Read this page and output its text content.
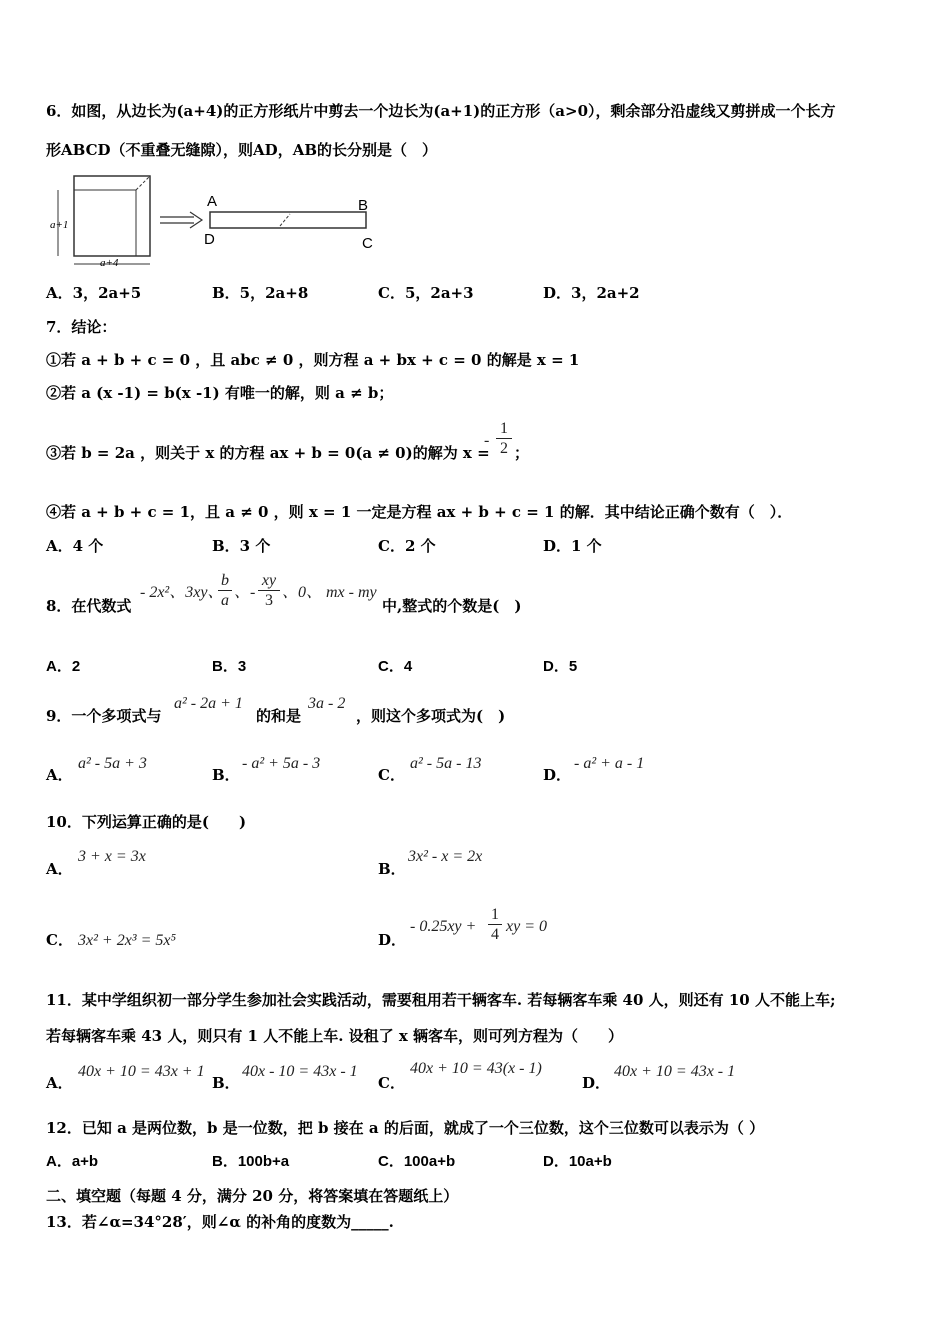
6．如图，从边长为(a+4)的正方形纸片中剪去一个边长为(a+1)的正方形（a>0），剩余部分沿虚线又剪拼成一个长方
形ABCD（不重叠无缝隙），则AD，AB的长分别是（　）
a+1
a+4
A	B
C
D
A．3，2a+5	B．5，2a+8	C．5，2a+3	D．3，2a+2
7．结论：
①若 a + b + c = 0 ，且 abc ≠ 0 ，则方程 a + bx + c = 0 的解是 x = 1
②若 a (x -1) = b(x -1) 有唯一的解，则 a ≠ b；
③若 b = 2a ，则关于 x 的方程 ax + b = 0(a ≠ 0)的解为 x =
-
1
2 ；
④若 a + b + c = 1，且 a ≠ 0 ，则 x = 1 一定是方程 ax + b + c = 1 的解．其中结论正确个数有（　）．
A．4 个	B．3 个	C．2 个	D．1 个
8．在代数式
- 2x²、3xy、
b
a 、-
xy
3 、0、 mx - my
中,整式的个数是(　)
A．2	B．3	C．4	D．5
9．一个多项式与
a² - 2a + 1
的和是
3a - 2
，则这个多项式为(　)
A．
a² - 5a + 3
B．
- a² + 5a - 3
C．
a² - 5a - 13
D．
- a² + a - 1
10．下列运算正确的是(　　)
A．
3 + x = 3x
B．
3x² - x = 2x
C． 3x² + 2x³ = 5x⁵	D．
- 0.25xy +
1
4 xy = 0
11．某中学组织初一部分学生参加社会实践活动，需要租用若干辆客车. 若每辆客车乘 40 人，则还有 10 人不能上车;
若每辆客车乘 43 人，则只有 1 人不能上车. 设租了 x 辆客车，则可列方程为（　　）
A．
40x + 10 = 43x + 1
B．
40x - 10 = 43x - 1
C．
40x + 10 = 43(x - 1)
D．
40x + 10 = 43x - 1
12．已知 a 是两位数，b 是一位数，把 b 接在 a 的后面，就成了一个三位数，这个三位数可以表示为（ ）
A．a+b	B．100b+a	C．100a+b	D．10a+b
二、填空题（每题 4 分，满分 20 分，将答案填在答题纸上）
13．若∠α=34°28′，则∠α 的补角的度数为_____.
